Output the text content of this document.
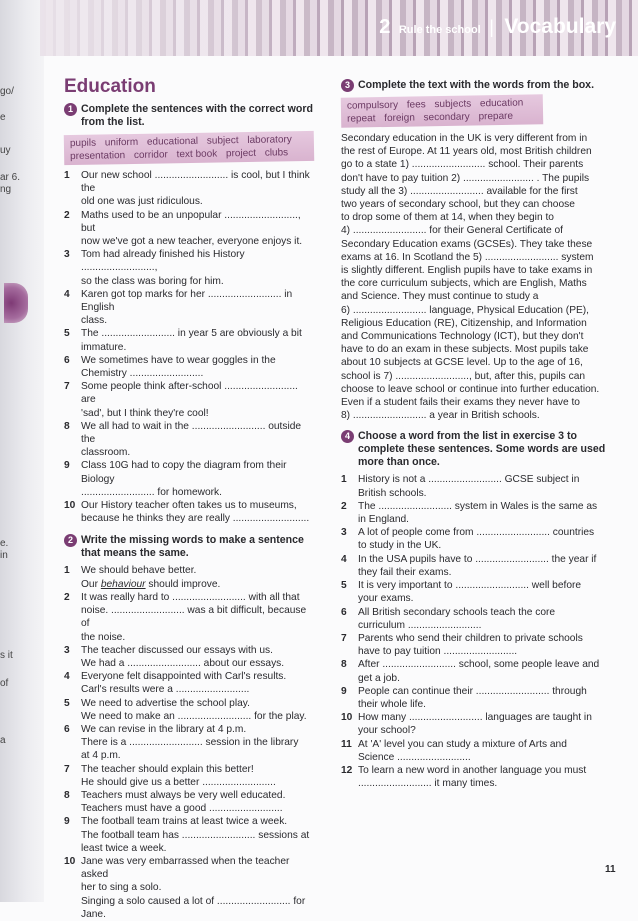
go/
e
uy
ar 6.
ng
e.
in
s it
of
a
2 Rule the school | Vocabulary
Education
1 Complete the sentences with the correct word from the list.
pupils uniform educational subject laboratory
presentation corridor text book project clubs
1 Our new school .......................... is cool, but I think the
old one was just ridiculous.
2 Maths used to be an unpopular .........................., but
now we've got a new teacher, everyone enjoys it.
3 Tom had already finished his History ..........................,
so the class was boring for him.
4 Karen got top marks for her .......................... in English
class.
5 The .......................... in year 5 are obviously a bit
immature.
6 We sometimes have to wear goggles in the
Chemistry ..........................
7 Some people think after-school .......................... are
'sad', but I think they're cool!
8 We all had to wait in the .......................... outside the
classroom.
9 Class 10G had to copy the diagram from their Biology
.......................... for homework.
10 Our History teacher often takes us to museums,
because he thinks they are really ...........................
2 Write the missing words to make a sentence that means the same.
1 We should behave better.
Our behaviour should improve.
2 It was really hard to .......................... with all that
noise. .......................... was a bit difficult, because of
the noise.
3 The teacher discussed our essays with us.
We had a .......................... about our essays.
4 Everyone felt disappointed with Carl's results.
Carl's results were a ..........................
5 We need to advertise the school play.
We need to make an .......................... for the play.
6 We can revise in the library at 4 p.m.
There is a .......................... session in the library
at 4 p.m.
7 The teacher should explain this better!
He should give us a better ..........................
8 Teachers must always be very well educated.
Teachers must have a good ..........................
9 The football team trains at least twice a week.
The football team has .......................... sessions at
least twice a week.
10 Jane was very embarrassed when the teacher asked
her to sing a solo.
Singing a solo caused a lot of .......................... for Jane.
3 Complete the text with the words from the box.
compulsory fees subjects education
repeat foreign secondary prepare

Secondary education in the UK is very different from in

the rest of Europe. At 11 years old, most British children

go to a state 1) .......................... school. Their parents

don't have to pay tuition 2) ......................... . The pupils

study all the 3) .......................... available for the first

two years of secondary school, but they can choose

to drop some of them at 14, when they begin to

4) .......................... for their General Certificate of

Secondary Education exams (GCSEs). They take these

exams at 16. In Scotland the 5) .......................... system

is slightly different. English pupils have to take exams in

the core curriculum subjects, which are English, Maths

and Science. They must continue to study a

6) .......................... language, Physical Education (PE),

Religious Education (RE), Citizenship, and Information

and Communications Technology (ICT), but they don't

have to do an exam in these subjects. Most pupils take

about 10 subjects at GCSE level. Up to the age of 16,

school is 7) .........................., but, after this, pupils can

choose to leave school or continue into further education.

Even if a student fails their exams they never have to

8) .......................... a year in British schools.

4 Choose a word from the list in exercise 3 to complete these sentences. Some words are used more than once.
1 History is not a .......................... GCSE subject in
British schools.
2 The .......................... system in Wales is the same as
in England.
3 A lot of people come from .......................... countries
to study in the UK.
4 In the USA pupils have to .......................... the year if
they fail their exams.
5 It is very important to .......................... well before
your exams.
6 All British secondary schools teach the core
curriculum ..........................
7 Parents who send their children to private schools
have to pay tuition ..........................
8 After .......................... school, some people leave and
get a job.
9 People can continue their .......................... through
their whole life.
10 How many .......................... languages are taught in
your school?
11 At 'A' level you can study a mixture of Arts and
Science ..........................
12 To learn a new word in another language you must
.......................... it many times.
11
